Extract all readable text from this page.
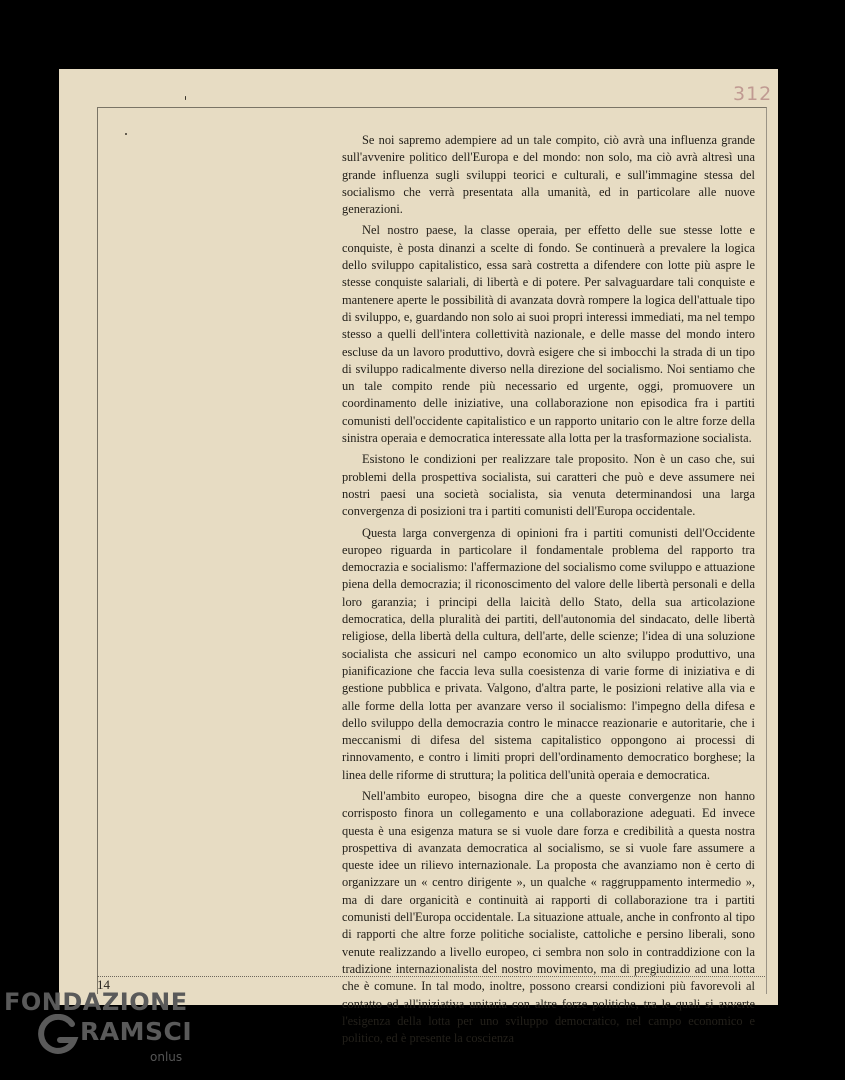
14
312

Se noi sapremo adempiere ad un tale compito, ciò avrà una influenza grande sull'avvenire politico dell'Europa e del mondo: non solo, ma ciò avrà altresì una grande influenza sugli sviluppi teorici e culturali, e sull'immagine stessa del socialismo che verrà presentata alla umanità, ed in particolare alle nuove generazioni.

Nel nostro paese, la classe operaia, per effetto delle sue stesse lotte e conquiste, è posta dinanzi a scelte di fondo. Se continuerà a prevalere la logica dello sviluppo capitalistico, essa sarà costretta a difendere con lotte più aspre le stesse conquiste salariali, di libertà e di potere. Per salvaguardare tali conquiste e mantenere aperte le possibilità di avanzata dovrà rompere la logica dell'attuale tipo di sviluppo, e, guardando non solo ai suoi propri interessi immediati, ma nel tempo stesso a quelli dell'intera collettività nazionale, e delle masse del mondo intero escluse da un lavoro produttivo, dovrà esigere che si imbocchi la strada di un tipo di sviluppo radicalmente diverso nella direzione del socialismo. Noi sentiamo che un tale compito rende più necessario ed urgente, oggi, promuovere un coordinamento delle iniziative, una collaborazione non episodica fra i partiti comunisti dell'occidente capitalistico e un rapporto unitario con le altre forze della sinistra operaia e democratica interessate alla lotta per la trasformazione socialista.

Esistono le condizioni per realizzare tale proposito. Non è un caso che, sui problemi della prospettiva socialista, sui caratteri che può e deve assumere nei nostri paesi una società socialista, sia venuta determinandosi una larga convergenza di posizioni tra i partiti comunisti dell'Europa occidentale.

Questa larga convergenza di opinioni fra i partiti comunisti dell'Occidente europeo riguarda in particolare il fondamentale problema del rapporto tra democrazia e socialismo: l'affermazione del socialismo come sviluppo e attuazione piena della democrazia; il riconoscimento del valore delle libertà personali e della loro garanzia; i principi della laicità dello Stato, della sua articolazione democratica, della pluralità dei partiti, dell'autonomia del sindacato, delle libertà religiose, della libertà della cultura, dell'arte, delle scienze; l'idea di una soluzione socialista che assicuri nel campo economico un alto sviluppo produttivo, una pianificazione che faccia leva sulla coesistenza di varie forme di iniziativa e di gestione pubblica e privata. Valgono, d'altra parte, le posizioni relative alla via e alle forme della lotta per avanzare verso il socialismo: l'impegno della difesa e dello sviluppo della democrazia contro le minacce reazionarie e autoritarie, che i meccanismi di difesa del sistema capitalistico oppongono ai processi di rinnovamento, e contro i limiti propri dell'ordinamento democratico borghese; la linea delle riforme di struttura; la politica dell'unità operaia e democratica.

Nell'ambito europeo, bisogna dire che a queste convergenze non hanno corrisposto finora un collegamento e una collaborazione adeguati. Ed invece questa è una esigenza matura se si vuole dare forza e credibilità a questa nostra prospettiva di avanzata democratica al socialismo, se si vuole fare assumere a queste idee un rilievo internazionale. La proposta che avanziamo non è certo di organizzare un « centro dirigente », un qualche « raggruppamento intermedio », ma di dare organicità e continuità ai rapporti di collaborazione tra i partiti comunisti dell'Europa occidentale. La situazione attuale, anche in confronto al tipo di rapporti che altre forze politiche socialiste, cattoliche e persino liberali, sono venute realizzando a livello europeo, ci sembra non solo in contraddizione con la tradizione internazionalista del nostro movimento, ma di pregiudizio ad una lotta che è comune. In tal modo, inoltre, possono crearsi condizioni più favorevoli al contatto ed all'iniziativa unitaria con altre forze politiche, tra le quali si avverte l'esigenza della lotta per uno sviluppo democratico, nel campo economico e politico, ed è presente la coscienza

FONDAZIONE
RAMSCI
onlus
